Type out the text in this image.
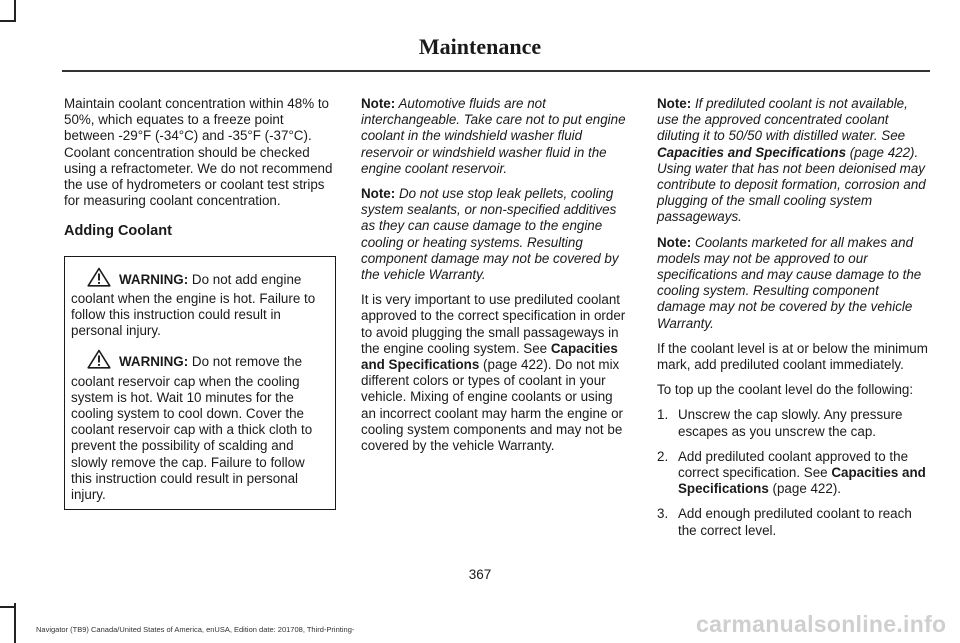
Maintenance

Maintain coolant concentration within 48% to 50%, which equates to a freeze point between -29°F (-34°C) and -35°F (-37°C). Coolant concentration should be checked using a refractometer. We do not recommend the use of hydrometers or coolant test strips for measuring coolant concentration.

Adding Coolant

WARNING: Do not add engine coolant when the engine is hot. Failure to follow this instruction could result in personal injury.

WARNING: Do not remove the coolant reservoir cap when the cooling system is hot. Wait 10 minutes for the cooling system to cool down. Cover the coolant reservoir cap with a thick cloth to prevent the possibility of scalding and slowly remove the cap. Failure to follow this instruction could result in personal injury.

Note: Automotive fluids are not interchangeable. Take care not to put engine coolant in the windshield washer fluid reservoir or windshield washer fluid in the engine coolant reservoir.

Note: Do not use stop leak pellets, cooling system sealants, or non-specified additives as they can cause damage to the engine cooling or heating systems. Resulting component damage may not be covered by the vehicle Warranty.

It is very important to use prediluted coolant approved to the correct specification in order to avoid plugging the small passageways in the engine cooling system. See Capacities and Specifications (page 422). Do not mix different colors or types of coolant in your vehicle. Mixing of engine coolants or using an incorrect coolant may harm the engine or cooling system components and may not be covered by the vehicle Warranty.

Note: If prediluted coolant is not available, use the approved concentrated coolant diluting it to 50/50 with distilled water. See Capacities and Specifications (page 422). Using water that has not been deionised may contribute to deposit formation, corrosion and plugging of the small cooling system passageways.

Note: Coolants marketed for all makes and models may not be approved to our specifications and may cause damage to the cooling system. Resulting component damage may not be covered by the vehicle Warranty.

If the coolant level is at or below the minimum mark, add prediluted coolant immediately.

To top up the coolant level do the following:

1. Unscrew the cap slowly. Any pressure escapes as you unscrew the cap.
2. Add prediluted coolant approved to the correct specification. See Capacities and Specifications (page 422).
3. Add enough prediluted coolant to reach the correct level.
367
Navigator (TB9) Canada/United States of America, enUSA, Edition date: 201708, Third-Printing-	carmanualsonline.info
